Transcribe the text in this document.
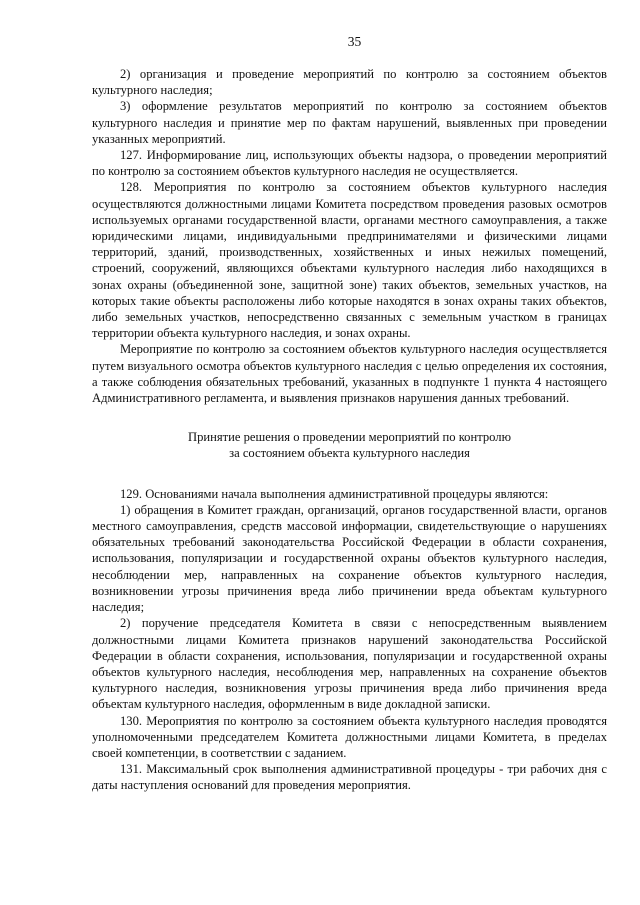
35

2) организация и проведение мероприятий по контролю за состоянием объектов культурного наследия;

3) оформление результатов мероприятий по контролю за состоянием объектов культурного наследия и принятие мер по фактам нарушений, выявленных при проведении указанных мероприятий.

127. Информирование лиц, использующих объекты надзора, о проведении мероприятий по контролю за состоянием объектов культурного наследия не осуществляется.

128. Мероприятия по контролю за состоянием объектов культурного наследия осуществляются должностными лицами Комитета посредством проведения разовых осмотров используемых органами государственной власти, органами местного самоуправления, а также юридическими лицами, индивидуальными предпринимателями и физическими лицами территорий, зданий, производственных, хозяйственных и иных нежилых помещений, строений, сооружений, являющихся объектами культурного наследия либо находящихся в зонах охраны (объединенной зоне, защитной зоне) таких объектов, земельных участков, на которых такие объекты расположены либо которые находятся в зонах охраны таких объектов, либо земельных участков, непосредственно связанных с земельным участком в границах территории объекта культурного наследия, и зонах охраны.

Мероприятие по контролю за состоянием объектов культурного наследия осуществляется путем визуального осмотра объектов культурного наследия с целью определения их состояния, а также соблюдения обязательных требований, указанных в подпункте 1 пункта 4 настоящего Административного регламента, и выявления признаков нарушения данных требований.

Принятие решения о проведении мероприятий по контролю
за состоянием объекта культурного наследия

129. Основаниями начала выполнения административной процедуры являются:

1) обращения в Комитет граждан, организаций, органов государственной власти, органов местного самоуправления, средств массовой информации, свидетельствующие о нарушениях обязательных требований законодательства Российской Федерации в области сохранения, использования, популяризации и государственной охраны объектов культурного наследия, несоблюдении мер, направленных на сохранение объектов культурного наследия, возникновении угрозы причинения вреда либо причинении вреда объектам культурного наследия;

2) поручение председателя Комитета в связи с непосредственным выявлением должностными лицами Комитета признаков нарушений законодательства Российской Федерации в области сохранения, использования, популяризации и государственной охраны объектов культурного наследия, несоблюдения мер, направленных на сохранение объектов культурного наследия, возникновения угрозы причинения вреда либо причинения вреда объектам культурного наследия, оформленным в виде докладной записки.

130. Мероприятия по контролю за состоянием объекта культурного наследия проводятся уполномоченными председателем Комитета должностными лицами Комитета, в пределах своей компетенции, в соответствии с заданием.

131. Максимальный срок выполнения административной процедуры - три рабочих дня с даты наступления оснований для проведения мероприятия.
